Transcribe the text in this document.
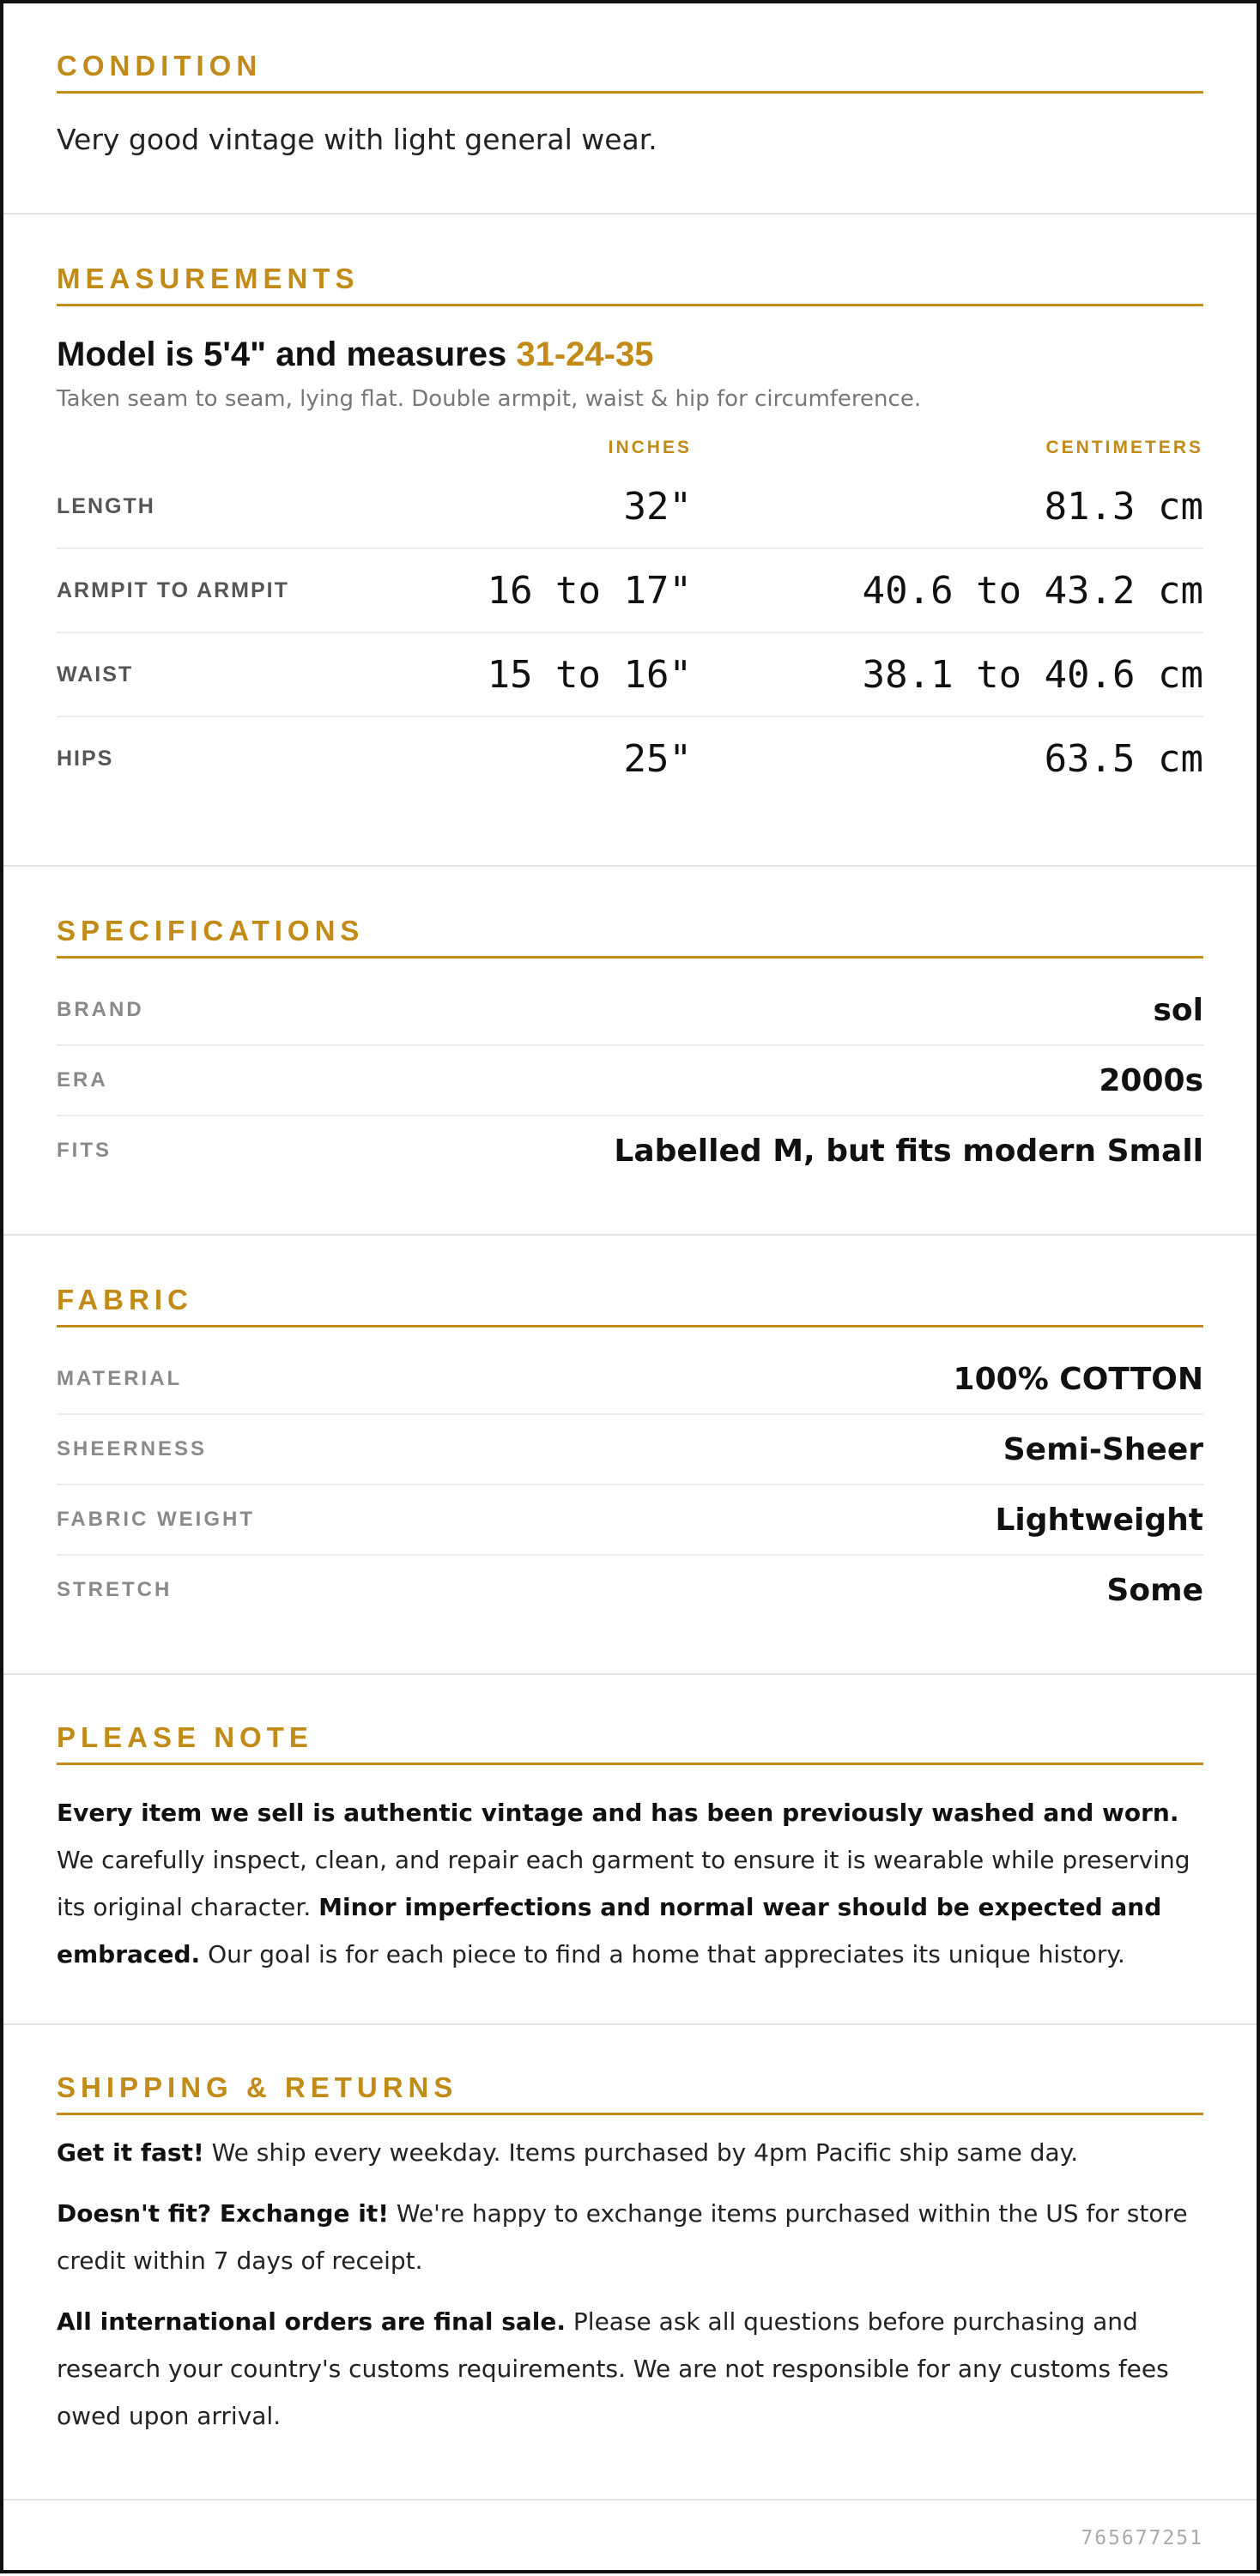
CONDITION
Very good vintage with light general wear.
MEASUREMENTS
Model is 5'4" and measures 31-24-35
Taken seam to seam, lying flat. Double armpit, waist & hip for circumference.
INCHES	CENTIMETERS
LENGTH	32"	81.3 cm
ARMPIT TO ARMPIT	16 to 17"	40.6 to 43.2 cm
WAIST	15 to 16"	38.1 to 40.6 cm
HIPS	25"	63.5 cm
SPECIFICATIONS
BRAND	sol
ERA	2000s
FITS	Labelled M, but fits modern Small
FABRIC
MATERIAL	100% COTTON
SHEERNESS	Semi-Sheer
FABRIC WEIGHT	Lightweight
STRETCH	Some
PLEASE NOTE
Every item we sell is authentic vintage and has been previously washed and worn. We carefully inspect, clean, and repair each garment to ensure it is wearable while preserving its original character. Minor imperfections and normal wear should be expected and embraced. Our goal is for each piece to find a home that appreciates its unique history.
SHIPPING & RETURNS
Get it fast! We ship every weekday. Items purchased by 4pm Pacific ship same day.
Doesn't fit? Exchange it! We're happy to exchange items purchased within the US for store credit within 7 days of receipt.
All international orders are final sale. Please ask all questions before purchasing and research your country's customs requirements. We are not responsible for any customs fees owed upon arrival.
765677251
